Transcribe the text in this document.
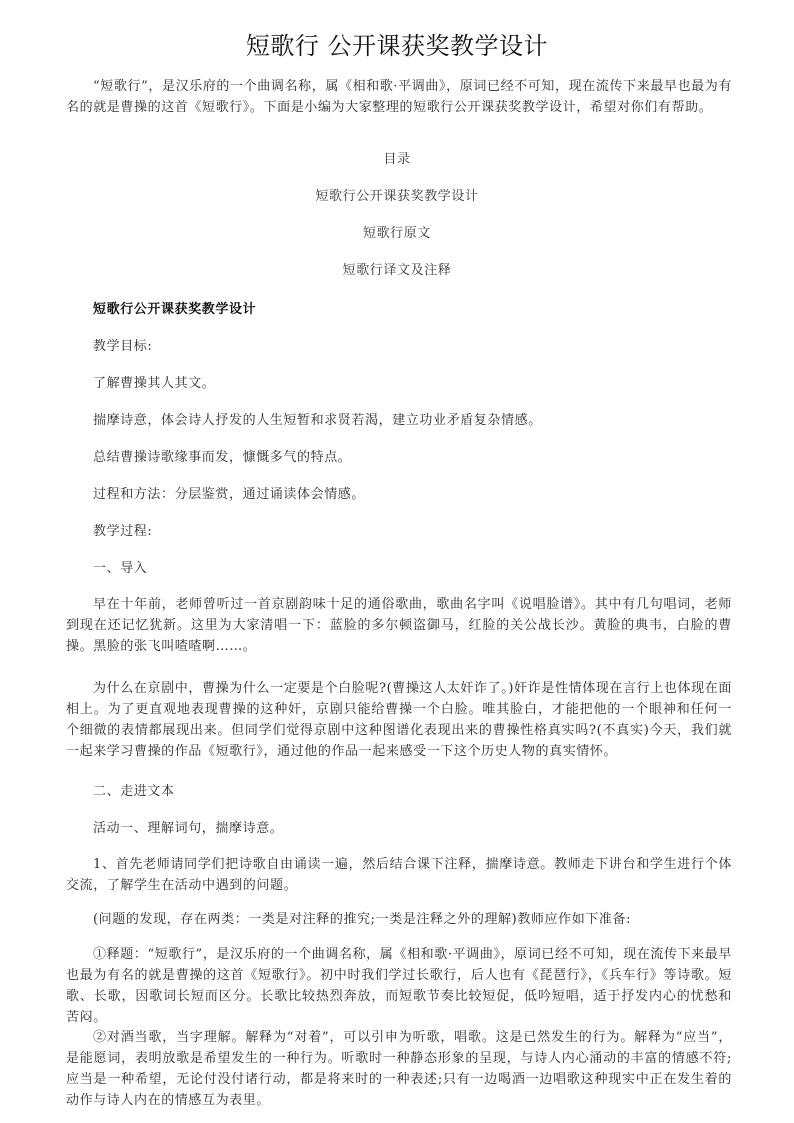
短歌行 公开课获奖教学设计

“短歌行”，是汉乐府的一个曲调名称，属《相和歌·平调曲》，原词已经不可知，现在流传下来最早也最为有名的就是曹操的这首《短歌行》。下面是小编为大家整理的短歌行公开课获奖教学设计，希望对你们有帮助。

目录
短歌行公开课获奖教学设计
短歌行原文
短歌行译文及注释
短歌行公开课获奖教学设计
教学目标:
了解曹操其人其文。
揣摩诗意，体会诗人抒发的人生短暂和求贤若渴，建立功业矛盾复杂情感。
总结曹操诗歌缘事而发，慷慨多气的特点。
过程和方法：分层鉴赏，通过诵读体会情感。
教学过程:
一、导入

早在十年前，老师曾听过一首京剧韵味十足的通俗歌曲，歌曲名字叫《说唱脸谱》。其中有几句唱词，老师到现在还记忆犹新。这里为大家清唱一下：蓝脸的多尔顿盗御马，红脸的关公战长沙。黄脸的典韦，白脸的曹操。黑脸的张飞叫喳喳啊……。

为什么在京剧中，曹操为什么一定要是个白脸呢?(曹操这人太奸诈了。)奸诈是性情体现在言行上也体现在面相上。为了更直观地表现曹操的这种奸，京剧只能给曹操一个白脸。唯其脸白，才能把他的一个眼神和任何一个细微的表情都展现出来。但同学们觉得京剧中这种图谱化表现出来的曹操性格真实吗?(不真实)今天，我们就一起来学习曹操的作品《短歌行》，通过他的作品一起来感受一下这个历史人物的真实情怀。

二、走进文本
活动一、理解词句，揣摩诗意。

1、首先老师请同学们把诗歌自由诵读一遍，然后结合课下注释，揣摩诗意。教师走下讲台和学生进行个体交流，了解学生在活动中遇到的问题。

(问题的发现，存在两类：一类是对注释的推究;一类是注释之外的理解)教师应作如下准备:

①释题：“短歌行”，是汉乐府的一个曲调名称，属《相和歌·平调曲》，原词已经不可知，现在流传下来最早也最为有名的就是曹操的这首《短歌行》。初中时我们学过长歌行，后人也有《琵琶行》，《兵车行》等诗歌。短歌、长歌，因歌词长短而区分。长歌比较热烈奔放，而短歌节奏比较短促，低吟短唱，适于抒发内心的忧愁和苦闷。

②对酒当歌，当字理解。解释为“对着”，可以引申为听歌，唱歌。这是已然发生的行为。解释为“应当”，是能愿词，表明放歌是希望发生的一种行为。听歌时一种静态形象的呈现，与诗人内心涌动的丰富的情感不符;应当是一种希望，无论付没付诸行动，都是将来时的一种表述;只有一边喝酒一边唱歌这种现实中正在发生着的动作与诗人内在的情感互为表里。
